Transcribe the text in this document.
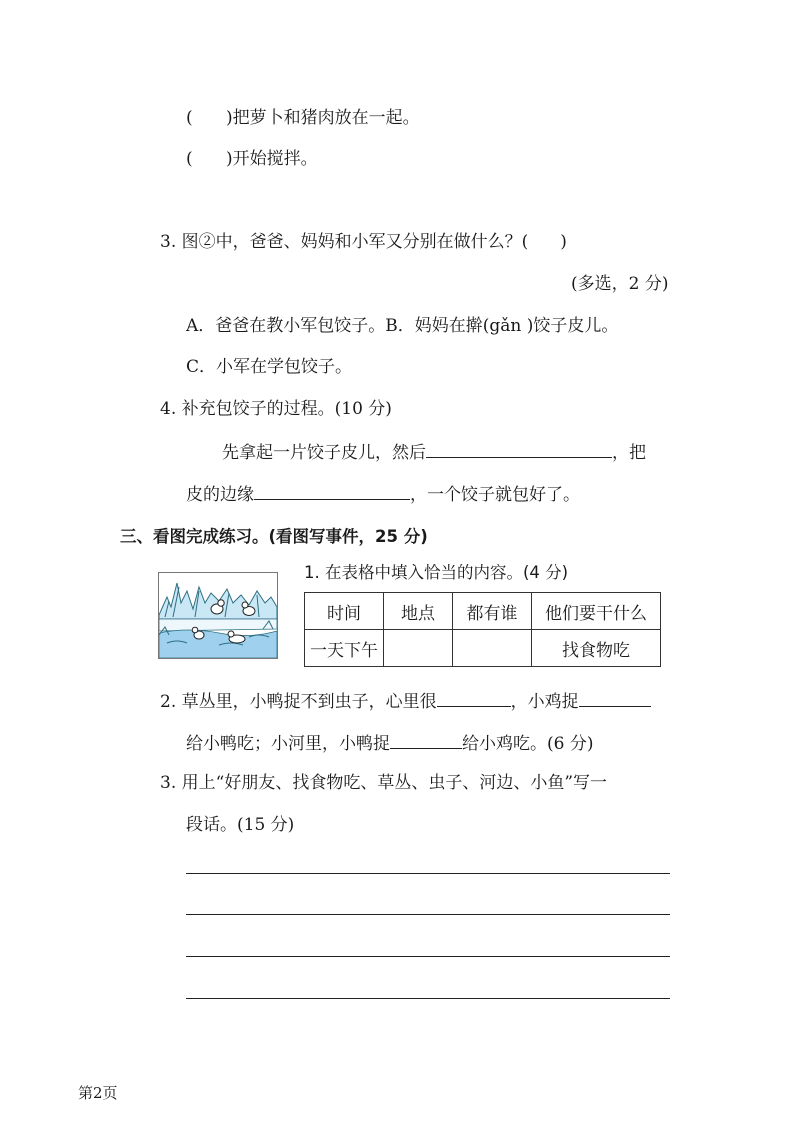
( )把萝卜和猪肉放在一起。
( )开始搅拌。
3. 图②中，爸爸、妈妈和小军又分别在做什么？( )
(多选，2 分)
A．爸爸在教小军包饺子。B．妈妈在擀(gǎn )饺子皮儿。
C．小军在学包饺子。
4. 补充包饺子的过程。(10 分)
先拿起一片饺子皮儿，然后	，把
皮的边缘	，一个饺子就包好了。
三、看图完成练习。(看图写事件，25 分)
1. 在表格中填入恰当的内容。(4 分)
时间	地点	都有谁	他们要干什么
一天下午			找食物吃
2. 草丛里，小鸭捉不到虫子，心里很	，小鸡捉
给小鸭吃；小河里，小鸭捉	给小鸡吃。(6 分)
3. 用上“好朋友、找食物吃、草丛、虫子、河边、小鱼”写一
段话。(15 分)
第2页
